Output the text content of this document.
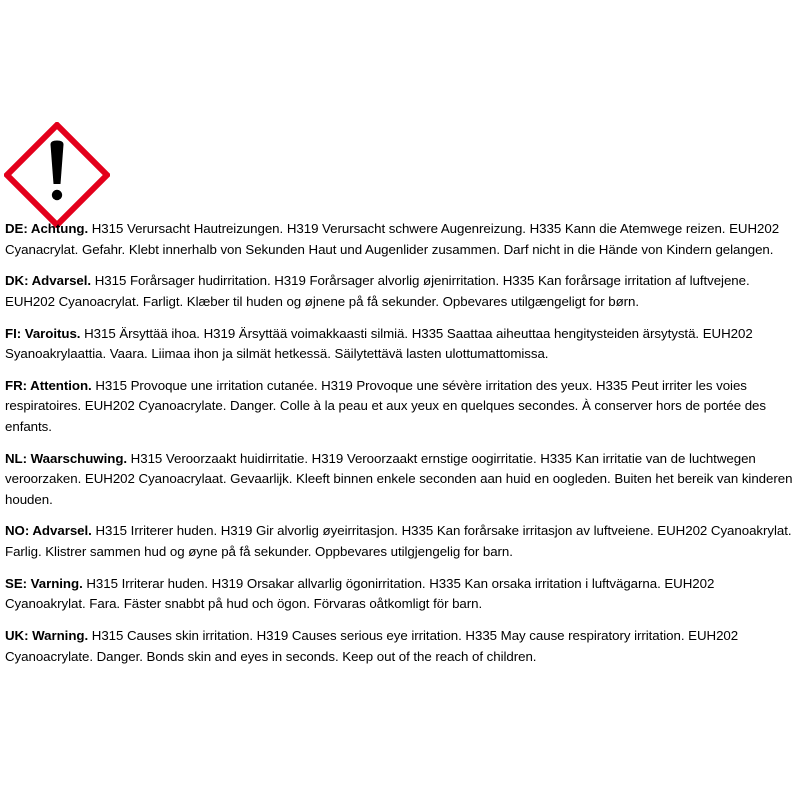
DE: Achtung. H315 Verursacht Hautreizungen. H319 Verursacht schwere Augenreizung. H335 Kann die Atemwege reizen. EUH202 Cyanacrylat. Gefahr. Klebt innerhalb von Sekunden Haut und Augenlider zusammen. Darf nicht in die Hände von Kindern gelangen.

DK: Advarsel. H315 Forårsager hudirritation. H319 Forårsager alvorlig øjenirritation. H335 Kan forårsage irritation af luftvejene. EUH202 Cyanoacrylat. Farligt. Klæber til huden og øjnene på få sekunder. Opbevares utilgængeligt for børn.

FI: Varoitus. H315 Ärsyttää ihoa. H319 Ärsyttää voimakkaasti silmiä. H335 Saattaa aiheuttaa hengitysteiden ärsytystä. EUH202 Syanoakrylaattia. Vaara. Liimaa ihon ja silmät hetkessä. Säilytettävä lasten ulottumattomissa.

FR: Attention. H315 Provoque une irritation cutanée. H319 Provoque une sévère irritation des yeux. H335 Peut irriter les voies respiratoires. EUH202 Cyanoacrylate. Danger. Colle à la peau et aux yeux en quelques secondes. À conserver hors de portée des enfants.

NL: Waarschuwing. H315 Veroorzaakt huidirritatie. H319 Veroorzaakt ernstige oogirritatie. H335 Kan irritatie van de luchtwegen veroorzaken. EUH202 Cyanoacrylaat. Gevaarlijk. Kleeft binnen enkele seconden aan huid en oogleden. Buiten het bereik van kinderen houden.

NO: Advarsel. H315 Irriterer huden. H319 Gir alvorlig øyeirritasjon. H335 Kan forårsake irritasjon av luftveiene. EUH202 Cyanoakrylat. Farlig. Klistrer sammen hud og øyne på få sekunder. Oppbevares utilgjengelig for barn.

SE: Varning. H315 Irriterar huden. H319 Orsakar allvarlig ögonirritation. H335 Kan orsaka irritation i luftvägarna. EUH202 Cyanoakrylat. Fara. Fäster snabbt på hud och ögon. Förvaras oåtkomligt för barn.

UK: Warning. H315 Causes skin irritation. H319 Causes serious eye irritation. H335 May cause respiratory irritation. EUH202 Cyanoacrylate. Danger. Bonds skin and eyes in seconds. Keep out of the reach of children.
